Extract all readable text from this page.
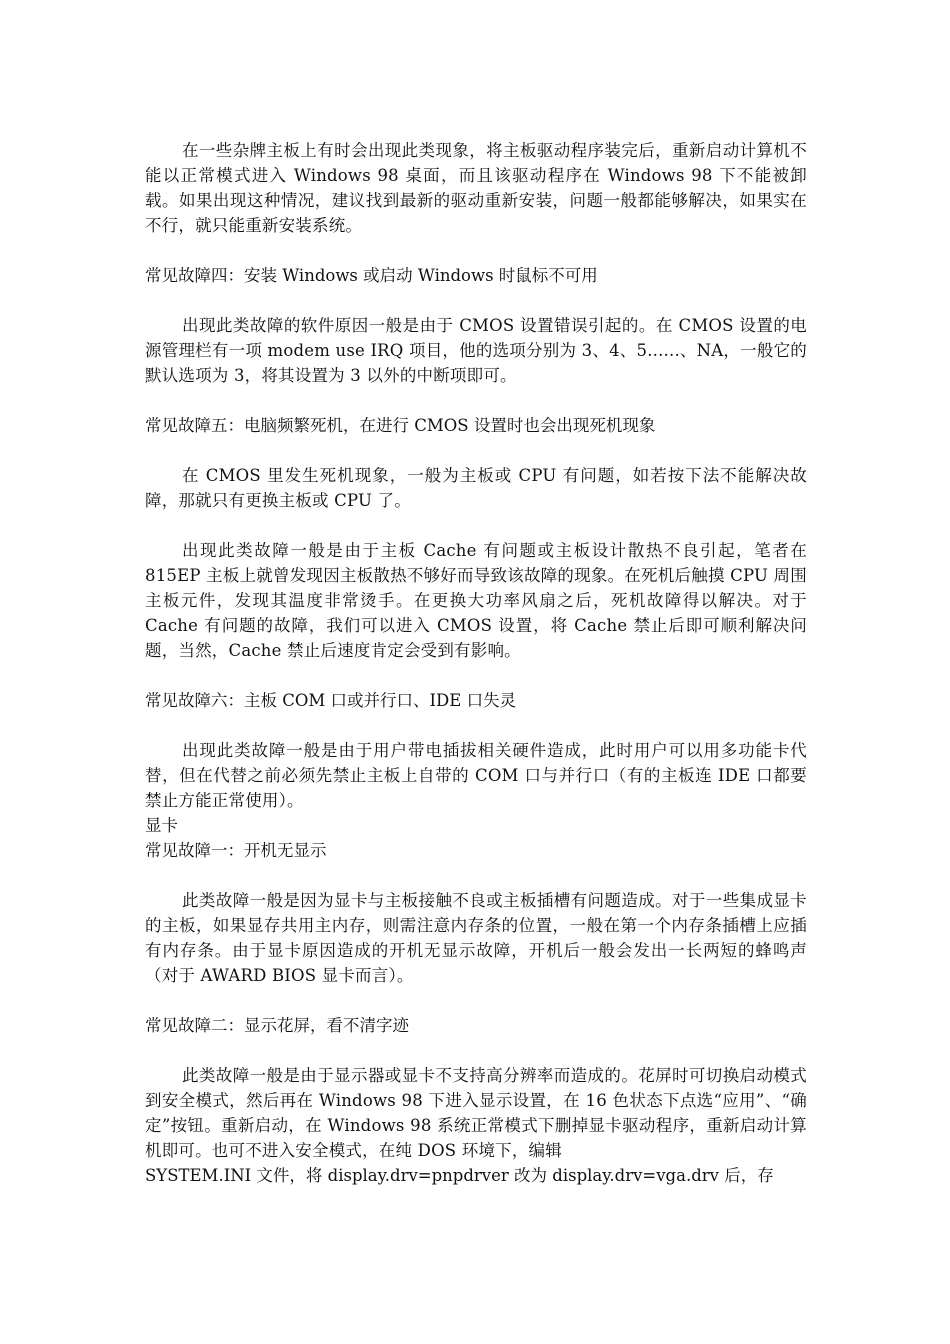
在一些杂牌主板上有时会出现此类现象，将主板驱动程序装完后，重新启动计算机不能以正常模式进入 Windows 98 桌面，而且该驱动程序在 Windows 98 下不能被卸载。如果出现这种情况，建议找到最新的驱动重新安装，问题一般都能够解决，如果实在不行，就只能重新安装系统。

常见故障四：安装 Windows 或启动 Windows 时鼠标不可用

出现此类故障的软件原因一般是由于 CMOS 设置错误引起的。在 CMOS 设置的电源管理栏有一项 modem use IRQ 项目，他的选项分别为 3、4、5......、NA，一般它的默认选项为 3，将其设置为 3 以外的中断项即可。

常见故障五：电脑频繁死机，在进行 CMOS 设置时也会出现死机现象

在 CMOS 里发生死机现象，一般为主板或 CPU 有问题，如若按下法不能解决故障，那就只有更换主板或 CPU 了。

出现此类故障一般是由于主板 Cache 有问题或主板设计散热不良引起，笔者在 815EP 主板上就曾发现因主板散热不够好而导致该故障的现象。在死机后触摸 CPU 周围主板元件，发现其温度非常烫手。在更换大功率风扇之后，死机故障得以解决。对于 Cache 有问题的故障，我们可以进入 CMOS 设置，将 Cache 禁止后即可顺利解决问题，当然，Cache 禁止后速度肯定会受到有影响。

常见故障六：主板 COM 口或并行口、IDE 口失灵

出现此类故障一般是由于用户带电插拔相关硬件造成，此时用户可以用多功能卡代替，但在代替之前必须先禁止主板上自带的 COM 口与并行口（有的主板连 IDE 口都要禁止方能正常使用）。

显卡

常见故障一：开机无显示

此类故障一般是因为显卡与主板接触不良或主板插槽有问题造成。对于一些集成显卡的主板，如果显存共用主内存，则需注意内存条的位置，一般在第一个内存条插槽上应插有内存条。由于显卡原因造成的开机无显示故障，开机后一般会发出一长两短的蜂鸣声（对于 AWARD BIOS 显卡而言）。

常见故障二：显示花屏，看不清字迹

此类故障一般是由于显示器或显卡不支持高分辨率而造成的。花屏时可切换启动模式到安全模式，然后再在 Windows 98 下进入显示设置，在 16 色状态下点选“应用”、“确定”按钮。重新启动，在 Windows 98 系统正常模式下删掉显卡驱动程序，重新启动计算机即可。也可不进入安全模式，在纯 DOS 环境下，编辑

SYSTEM.INI 文件，将 display.drv=pnpdrver 改为 display.drv=vga.drv 后，存
